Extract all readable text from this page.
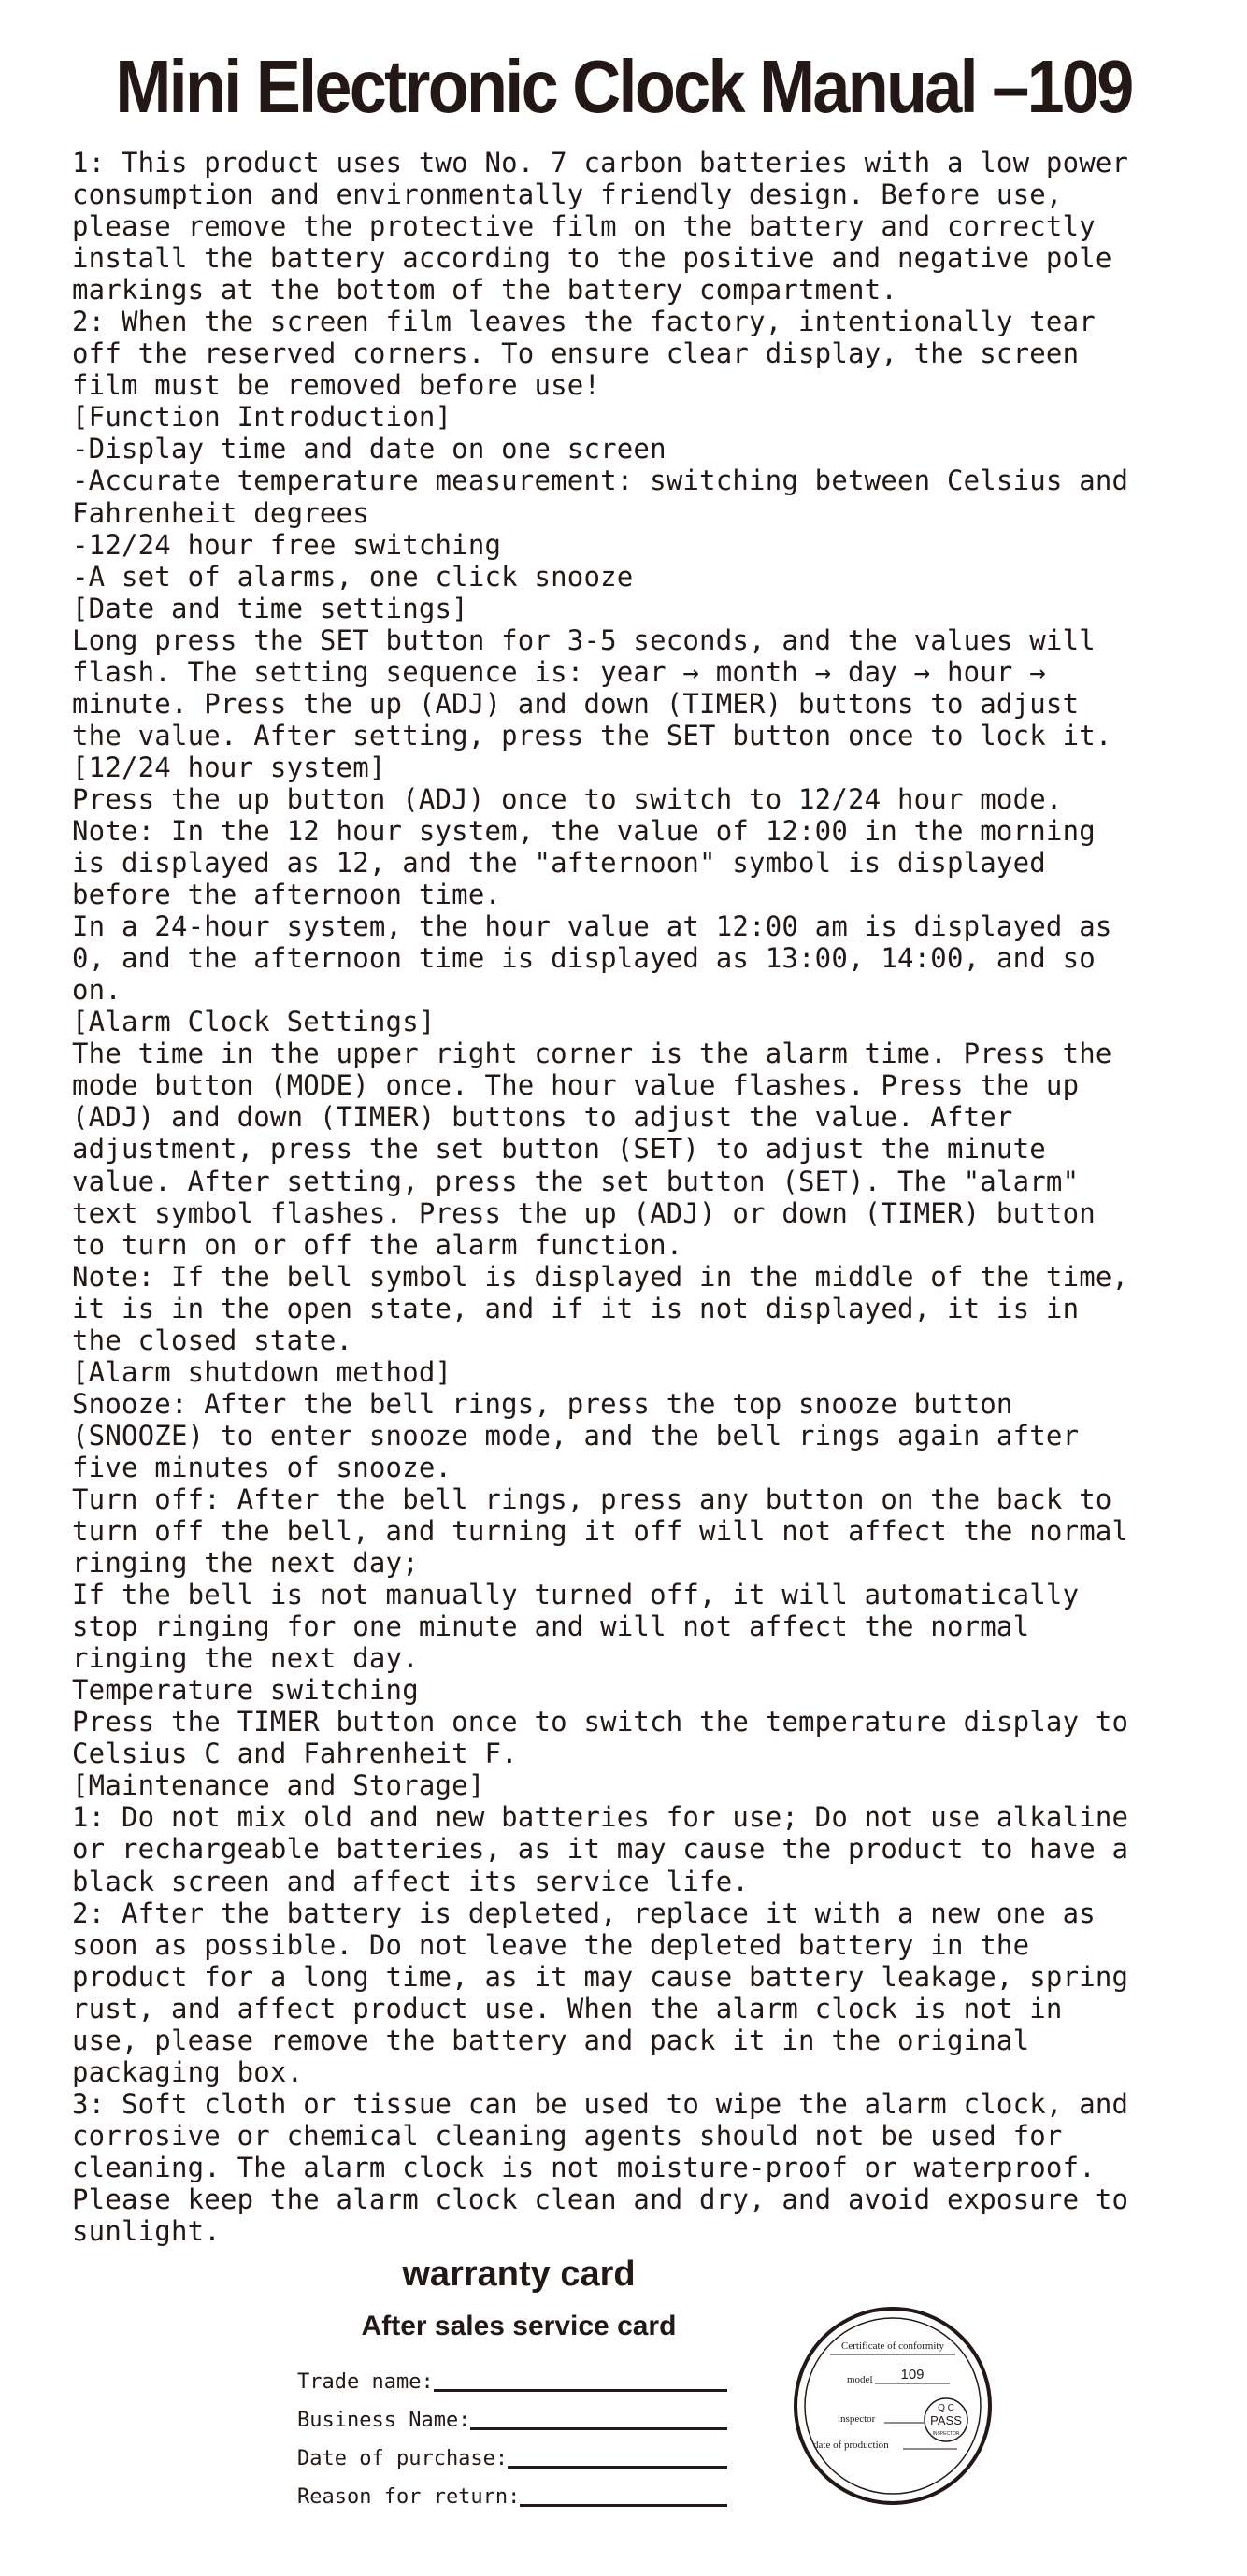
Mini Electronic Clock Manual –109
1: This product uses two No. 7 carbon batteries with a low power
consumption and environmentally friendly design. Before use,
please remove the protective film on the battery and correctly
install the battery according to the positive and negative pole
markings at the bottom of the battery compartment.
2: When the screen film leaves the factory, intentionally tear
off the reserved corners. To ensure clear display, the screen
film must be removed before use!
[Function Introduction]
-Display time and date on one screen
-Accurate temperature measurement: switching between Celsius and
Fahrenheit degrees
-12/24 hour free switching
-A set of alarms, one click snooze
[Date and time settings]
Long press the SET button for 3-5 seconds, and the values will
flash. The setting sequence is: year → month → day → hour →
minute. Press the up (ADJ) and down (TIMER) buttons to adjust
the value. After setting, press the SET button once to lock it.
[12/24 hour system]
Press the up button (ADJ) once to switch to 12/24 hour mode.
Note: In the 12 hour system, the value of 12:00 in the morning
is displayed as 12, and the "afternoon" symbol is displayed
before the afternoon time.
In a 24-hour system, the hour value at 12:00 am is displayed as
0, and the afternoon time is displayed as 13:00, 14:00, and so
on.
[Alarm Clock Settings]
The time in the upper right corner is the alarm time. Press the
mode button (MODE) once. The hour value flashes. Press the up
(ADJ) and down (TIMER) buttons to adjust the value. After
adjustment, press the set button (SET) to adjust the minute
value. After setting, press the set button (SET). The "alarm"
text symbol flashes. Press the up (ADJ) or down (TIMER) button
to turn on or off the alarm function.
Note: If the bell symbol is displayed in the middle of the time,
it is in the open state, and if it is not displayed, it is in
the closed state.
[Alarm shutdown method]
Snooze: After the bell rings, press the top snooze button
(SNOOZE) to enter snooze mode, and the bell rings again after
five minutes of snooze.
Turn off: After the bell rings, press any button on the back to
turn off the bell, and turning it off will not affect the normal
ringing the next day;
If the bell is not manually turned off, it will automatically
stop ringing for one minute and will not affect the normal
ringing the next day.
Temperature switching
Press the TIMER button once to switch the temperature display to
Celsius C and Fahrenheit F.
[Maintenance and Storage]
1: Do not mix old and new batteries for use; Do not use alkaline
or rechargeable batteries, as it may cause the product to have a
black screen and affect its service life.
2: After the battery is depleted, replace it with a new one as
soon as possible. Do not leave the depleted battery in the
product for a long time, as it may cause battery leakage, spring
rust, and affect product use. When the alarm clock is not in
use, please remove the battery and pack it in the original
packaging box.
3: Soft cloth or tissue can be used to wipe the alarm clock, and
corrosive or chemical cleaning agents should not be used for
cleaning. The alarm clock is not moisture-proof or waterproof.
Please keep the alarm clock clean and dry, and avoid exposure to
sunlight.
warranty card
After sales service card
Trade name:
Business Name:
Date of purchase:
Reason for return:
Certificate of conformity
model 109
inspector
date of production
Q C
PASS
INSPECTOR
